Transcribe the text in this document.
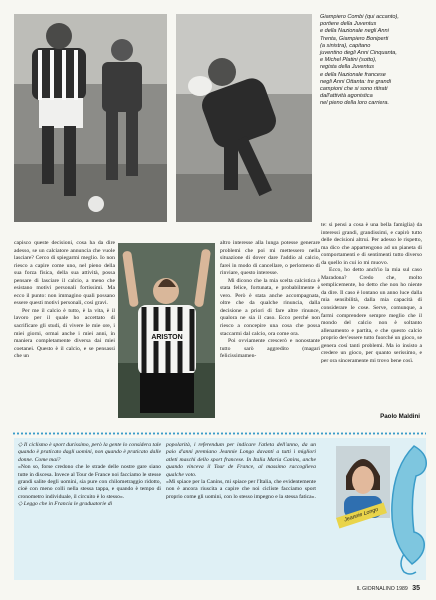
Giampiero Combi (qui accanto),
portiere della Juventus
e della Nazionale negli Anni
Trenta, Giampiero Boniperti
(a sinistra), capitano
juventino degli Anni Cinquanta,
e Michel Platini (sotto),
regista della Juventus
e della Nazionale francese
negli Anni Ottanta: tre grandi
campioni che si sono ritirati
dall'attività agonistica
nel pieno della loro carriera.

capisco queste decisioni, cosa ha da dire adesso, se un calciatore annuncia che vuole lasciare? Cerco di spiegarmi meglio. Io non riesco a capire come uno, nel pieno della sua forza fisica, della sua attività, possa pensare di lasciare il calcio, a meno che esistano motivi personali fortissimi. Ma ecco il punto: non immagino quali possano essere questi motivi personali, così gravi.

Per me il calcio è tutto, è la vita, è il lavoro per il quale ho accettato di sacrificare gli studi, di vivere le mie ore, i miei giorni, ormai anche i miei anni, in maniera completamente diversa dai miei coetanei. Questo è il calcio, e se pensassi che un

ARISTON

altro interesse alla lunga potesse generare problemi che poi mi mettessero nella situazione di dover dare l'addio al calcio, farei in modo di cancellare, o perlomeno di rinviare, questo interesse.

Mi dicono che la mia scelta calcistica è stata felice, fortunata, e probabilmente è vero. Però è stata anche accompagnata, oltre che da qualche rinuncia, dalla decisione a priori di fare altre rinunce, qualora ne sia il caso. Ecco perché non riesco a concepire una cosa che possa staccarmi dal calcio, ora come ora.

Poi ovviamente crescerò e nonostante tutto sarò aggredito (magari felicissimamen-

te: si pensi a cosa è una bella famiglia) da interessi grandi, grandissimi, e capirò tutto delle decisioni altrui. Per adesso le rispetto, ma dico che appartengono ad un pianeta di comportamenti e di sentimenti tutto diverso da quello in cui io mi muovo.

Ecco, ho detto anch'io la mia sul caso Maradona? Credo che, molto semplicemente, ho detto che non ho niente da dire. Il caso è lontano un anno luce dalla mia sensibilità, dalla mia capacità di considerare le cose. Serve, comunque, a farmi comprendere sempre meglio che il mondo del calcio non è soltanto allenamento e partita, e che questo calcio proprio dev'essere tutto fuorché un gioco, se genera così tanti problemi. Ma io insisto a credere un gioco, per quanto serissimo, e per ora sinceramente mi trovo bene così.

Paolo Maldini

◇ Il ciclismo è sport durissimo, però la gente lo considera tale quando è praticato dagli uomini, non quando è praticato dalle donne. Come mai?

«Non so, forse credono che le strade delle nostre gare siano tutte in discesa. Invece al Tour de France noi facciamo le stesse grandi salite degli uomini, sia pure con chilometraggio ridotto, cioè con meno colli nella stessa tappa, e quando è tempo di cronometro individuale, il circuito è lo stesso».

◇ Leggo che in Francia le graduatorie di

popolarità, i referendum per indicare l'atleta dell'anno, da un paio d'anni premiano Jeannie Longo davanti a tutti i migliori atleti maschi dello sport francese. In Italia Maria Canins, anche quando vinceva il Tour de France, al massimo raccoglieva qualche voto.

«Mi spiace per la Canins, mi spiace per l'Italia, che evidentemente non è ancora riuscita a capire che noi cicliste facciamo sport proprio come gli uomini, con lo stesso impegno e la stessa fatica».

Jeannie Longo
IL GIORNALINO 1989 35
